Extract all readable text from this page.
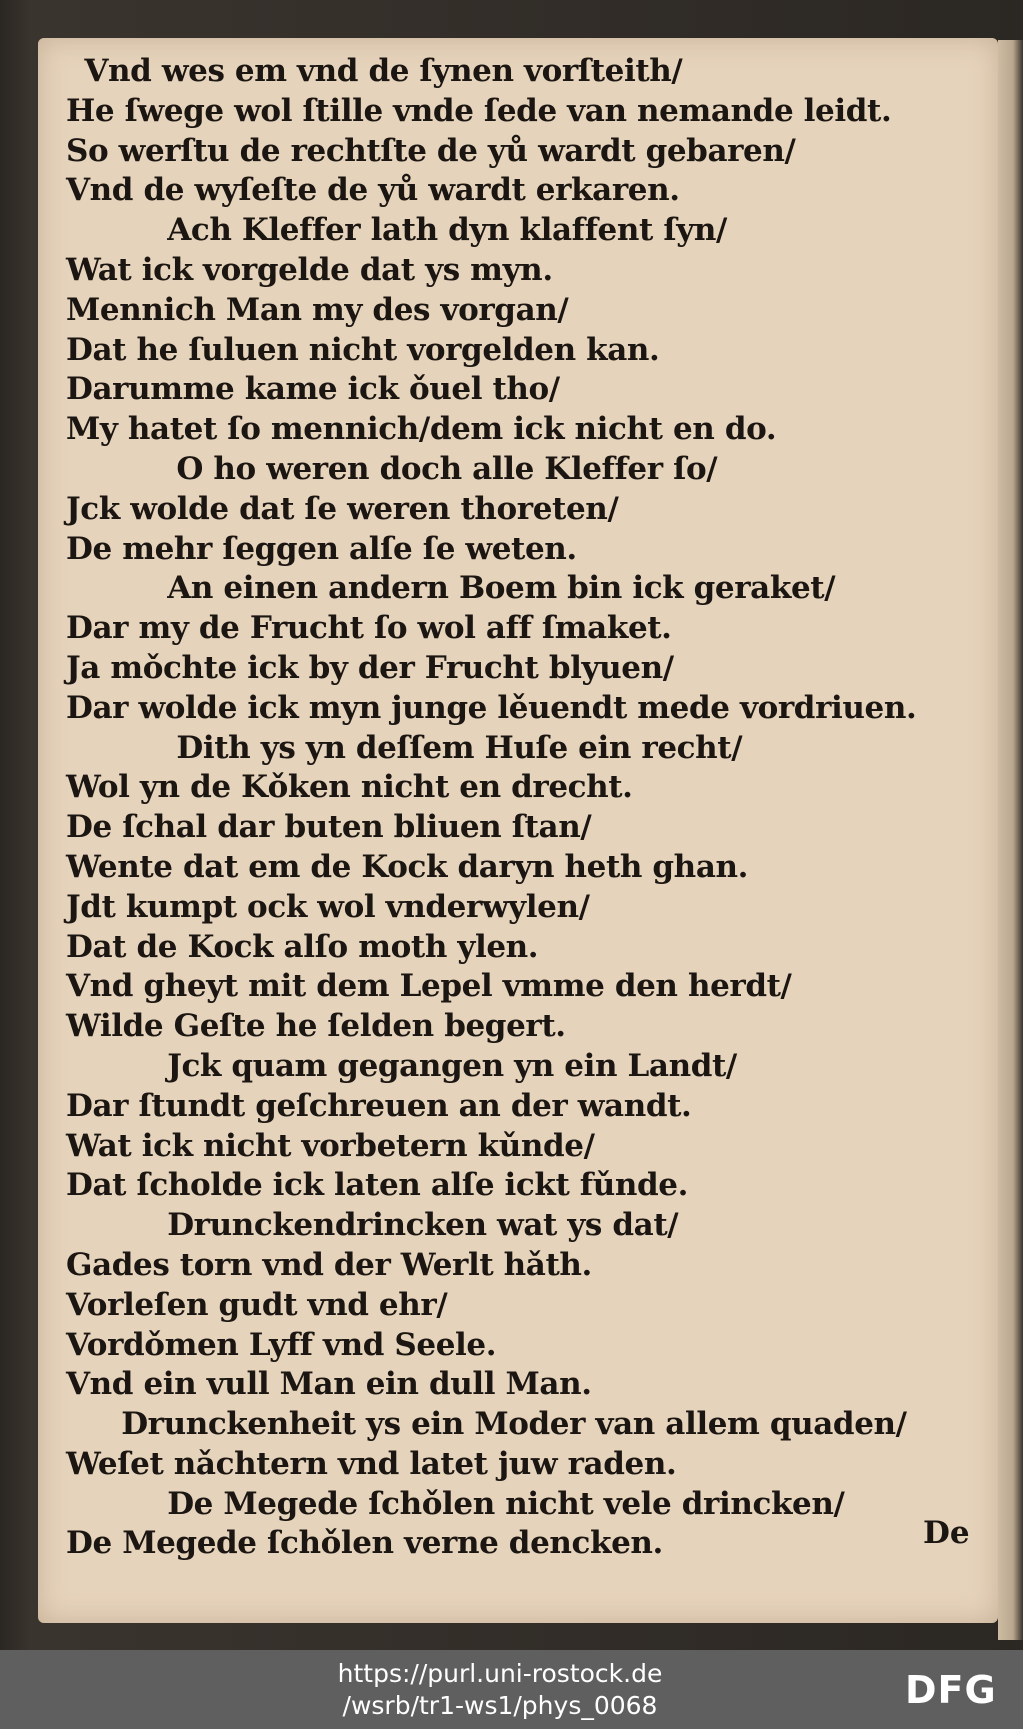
Vnd wes em vnd de ſynen vorſteith/
He ſwege wol ſtille vnde ſede van nemande leidt.
So werſtu de rechtſte de yů wardt gebaren/
Vnd de wyſeſte de yů wardt erkaren.
Ach Kleffer lath dyn klaffent ſyn/
Wat ick vorgelde dat ys myn.
Mennich Man my des vorgan/
Dat he ſuluen nicht vorgelden kan.
Darumme kame ick ǒuel tho/
My hatet ſo mennich/dem ick nicht en do.
O ho weren doch alle Kleffer ſo/
Jck wolde dat ſe weren thoreten/
De mehr ſeggen alſe ſe weten.
An einen andern Boem bin ick geraket/
Dar my de Frucht ſo wol aff ſmaket.
Ja mǒchte ick by der Frucht blyuen/
Dar wolde ick myn junge lěuendt mede vordriuen.
Dith ys yn deſſem Huſe ein recht/
Wol yn de Kǒken nicht en drecht.
De ſchal dar buten bliuen ſtan/
Wente dat em de Kock daryn heth ghan.
Jdt kumpt ock wol vnderwylen/
Dat de Kock alſo moth ylen.
Vnd gheyt mit dem Lepel vmme den herdt/
Wilde Geſte he ſelden begert.
Jck quam gegangen yn ein Landt/
Dar ſtundt geſchreuen an der wandt.
Wat ick nicht vorbetern kǔnde/
Dat ſcholde ick laten alſe ickt fǔnde.
Drunckendrincken wat ys dat/
Gades torn vnd der Werlt hǎth.
Vorleſen gudt vnd ehr/
Vordǒmen Lyff vnd Seele.
Vnd ein vull Man ein dull Man.
Drunckenheit ys ein Moder van allem quaden/
Weſet nǎchtern vnd latet juw raden.
De Megede ſchǒlen nicht vele drincken/
De Megede ſchǒlen verne dencken.	De
https://purl.uni-rostock.de
/wsrb/tr1-ws1/phys_0068	DFG
